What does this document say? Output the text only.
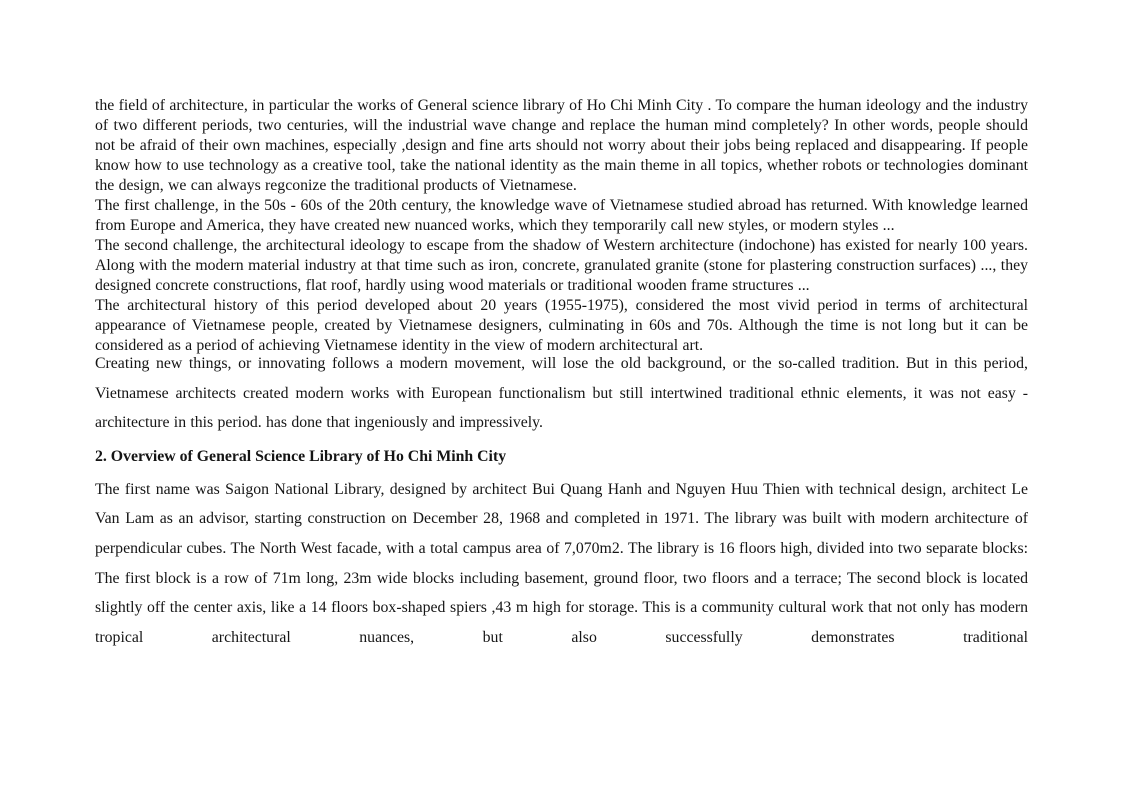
the field of architecture, in particular the works of General science library of Ho Chi Minh City . To compare the human ideology and the industry of two different periods, two centuries, will the industrial wave change and replace the human mind completely? In other words, people should not be afraid of their own machines, especially ,design and fine arts should not worry about their jobs being replaced and disappearing. If people know how to use technology as a creative tool, take the national identity as the main theme in all topics, whether robots or technologies dominant the design, we can always regconize the traditional products of Vietnamese.

The first challenge, in the 50s - 60s of the 20th century, the knowledge wave of Vietnamese studied abroad has returned. With knowledge learned from Europe and America, they have created new nuanced works, which they temporarily call new styles, or modern styles ...

The second challenge, the architectural ideology to escape from the shadow of Western architecture (indochone) has existed for nearly 100 years. Along with the modern material industry at that time such as iron, concrete, granulated granite (stone for plastering construction surfaces) ..., they designed concrete constructions, flat roof, hardly using wood materials or traditional wooden frame structures ...

The architectural history of this period developed about 20 years (1955-1975), considered the most vivid period in terms of architectural appearance of Vietnamese people, created by Vietnamese designers, culminating in 60s and 70s. Although the time is not long but it can be considered as a period of achieving Vietnamese identity in the view of modern architectural art.

Creating new things, or innovating follows a modern movement, will lose the old background, or the so-called tradition. But in this period, Vietnamese architects created modern works with European functionalism but still intertwined traditional ethnic elements, it was not easy - architecture in this period. has done that ingeniously and impressively.

2. Overview of General Science Library of Ho Chi Minh City

The first name was Saigon National Library, designed by architect Bui Quang Hanh and Nguyen Huu Thien with technical design, architect Le Van Lam as an advisor, starting construction on December 28, 1968 and completed in 1971. The library was built with modern architecture of perpendicular cubes. The North West facade, with a total campus area of 7,070m2. The library is 16 floors high, divided into two separate blocks: The first block is a row of 71m long, 23m wide blocks including basement, ground floor, two floors and a terrace; The second block is located slightly off the center axis, like a 14 floors box-shaped spiers ,43 m high for storage. This is a community cultural work that not only has modern tropical architectural nuances, but also successfully demonstrates traditional
